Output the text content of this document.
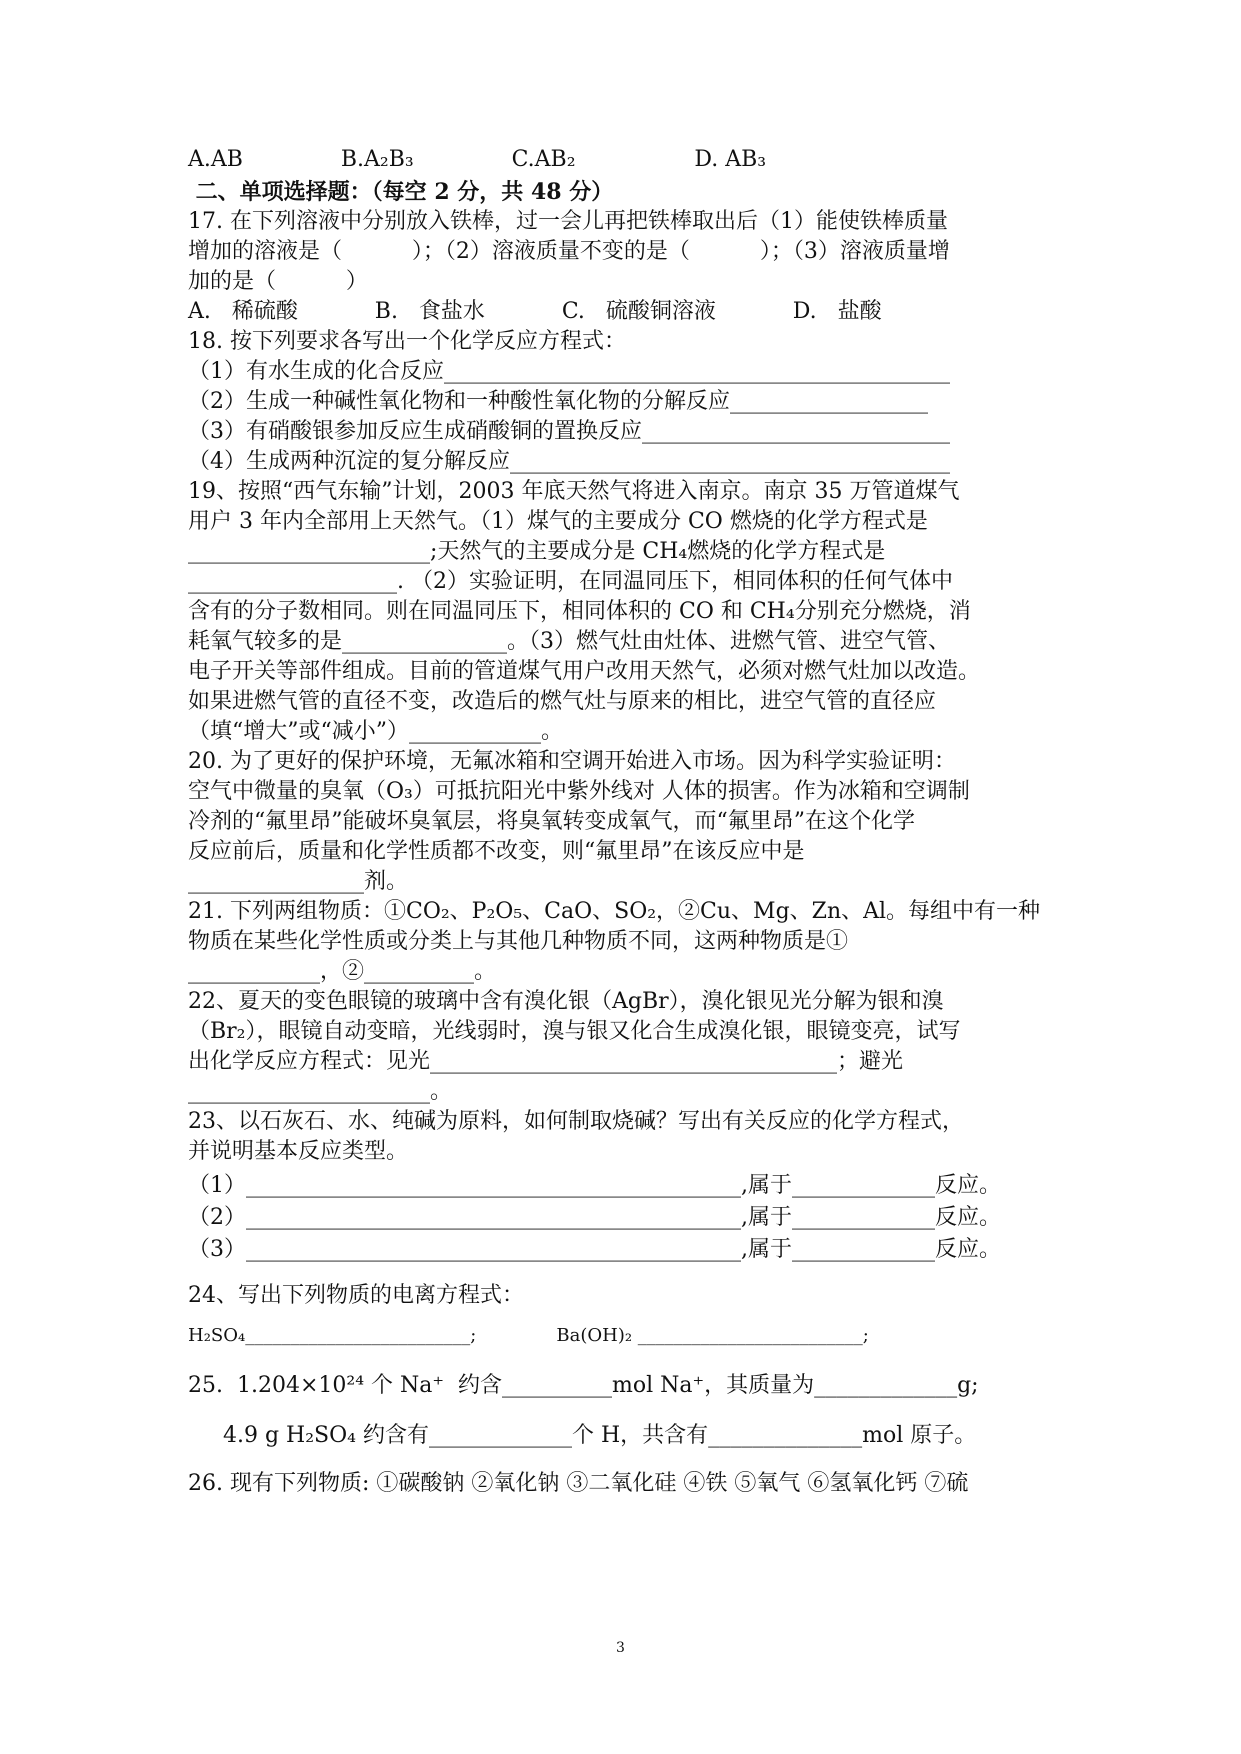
A.AB              B.A₂B₃              C.AB₂                 D. AB₃
二、单项选择题：（每空 2 分，共 48 分）
17. 在下列溶液中分别放入铁棒，过一会儿再把铁棒取出后（1）能使铁棒质量
增加的溶液是（          ）；（2）溶液质量不变的是（          ）；（3）溶液质量增
加的是（          ）
A.   稀硫酸           B.   食盐水           C.   硫酸铜溶液           D.   盐酸
18. 按下列要求各写出一个化学反应方程式：
（1）有水生成的化合反应______________________________________________
（2）生成一种碱性氧化物和一种酸性氧化物的分解反应__________________
（3）有硝酸银参加反应生成硝酸铜的置换反应____________________________
（4）生成两种沉淀的复分解反应________________________________________
19、按照“西气东输”计划，2003 年底天然气将进入南京。南京 35 万管道煤气
用户 3 年内全部用上天然气。（1）煤气的主要成分 CO 燃烧的化学方程式是
______________________;天然气的主要成分是 CH₄燃烧的化学方程式是
___________________. （2）实验证明，在同温同压下，相同体积的任何气体中
含有的分子数相同。则在同温同压下，相同体积的 CO 和 CH₄分别充分燃烧，消
耗氧气较多的是_______________。（3）燃气灶由灶体、进燃气管、进空气管、
电子开关等部件组成。目前的管道煤气用户改用天然气，必须对燃气灶加以改造。
如果进燃气管的直径不变，改造后的燃气灶与原来的相比，进空气管的直径应
（填“增大”或“减小”）____________。
20. 为了更好的保护环境，无氟冰箱和空调开始进入市场。因为科学实验证明：
空气中微量的臭氧（O₃）可抵抗阳光中紫外线对 人体的损害。作为冰箱和空调制
冷剂的“氟里昂”能破坏臭氧层，将臭氧转变成氧气，而“氟里昂”在这个化学
反应前后，质量和化学性质都不改变，则“氟里昂”在该反应中是
________________剂。
21. 下列两组物质：①CO₂、P₂O₅、CaO、SO₂，②Cu、Mg、Zn、Al。每组中有一种
物质在某些化学性质或分类上与其他几种物质不同，这两种物质是①
____________，②__________。
22、夏天的变色眼镜的玻璃中含有溴化银（AgBr），溴化银见光分解为银和溴
（Br₂），眼镜自动变暗，光线弱时，溴与银又化合生成溴化银，眼镜变亮，试写
出化学反应方程式：见光_____________________________________；避光
______________________。
23、以石灰石、水、纯碱为原料，如何制取烧碱？写出有关反应的化学方程式，
并说明基本反应类型。
（1）_____________________________________________,属于_____________反应。
（2）_____________________________________________,属于_____________反应。
（3）_____________________________________________,属于_____________反应。
24、写出下列物质的电离方程式：
H₂SO₄_________________________;              Ba(OH)₂ _________________________;
25.  1.204×10²⁴ 个 Na⁺  约含__________mol Na⁺，其质量为_____________g;
4.9 g H₂SO₄ 约含有_____________个 H，共含有______________mol 原子。
26. 现有下列物质: ①碳酸钠 ②氧化钠 ③二氧化硅 ④铁 ⑤氧气 ⑥氢氧化钙 ⑦硫
3
